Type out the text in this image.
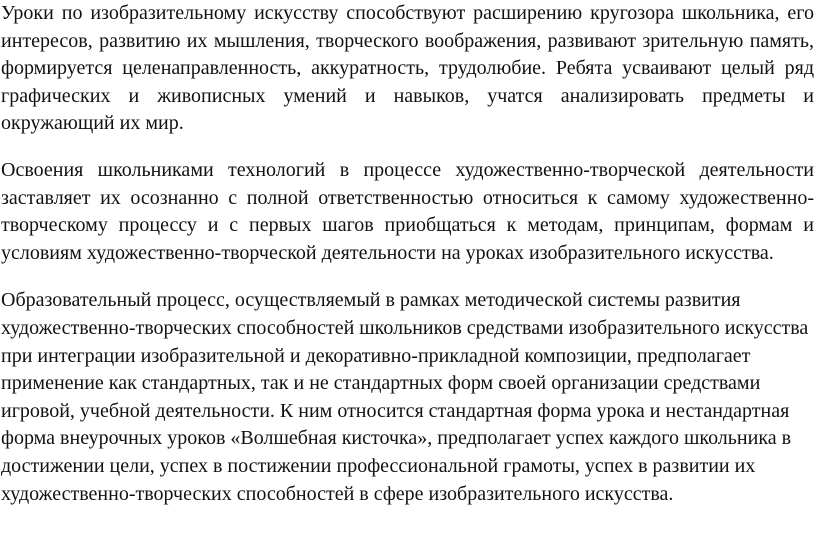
Уроки по изобразительному искусству способствуют расширению кругозора школьника, его интересов, развитию их мышления, творческого воображения, развивают зрительную память, формируется целенаправленность, аккуратность, трудолюбие. Ребята усваивают целый ряд графических и живописных умений и навыков, учатся анализировать предметы и окружающий их мир.

Освоения школьниками технологий в процессе художественно-творческой деятельности заставляет их осознанно с полной ответственностью относиться к самому художественно-творческому процессу и с первых шагов приобщаться к методам, принципам, формам и условиям художественно-творческой деятельности на уроках изобразительного искусства.

Образовательный процесс, осуществляемый в рамках методической системы развития художественно-творческих способностей школьников средствами изобразительного искусства при интеграции изобразительной и декоративно-прикладной композиции, предполагает применение как стандартных, так и не стандартных форм своей организации средствами игровой, учебной деятельности. К ним относится стандартная форма урока и нестандартная форма внеурочных уроков «Волшебная кисточка», предполагает успех каждого школьника в достижении цели, успех в постижении профессиональной грамоты, успех в развитии их художественно-творческих способностей в сфере изобразительного искусства.
